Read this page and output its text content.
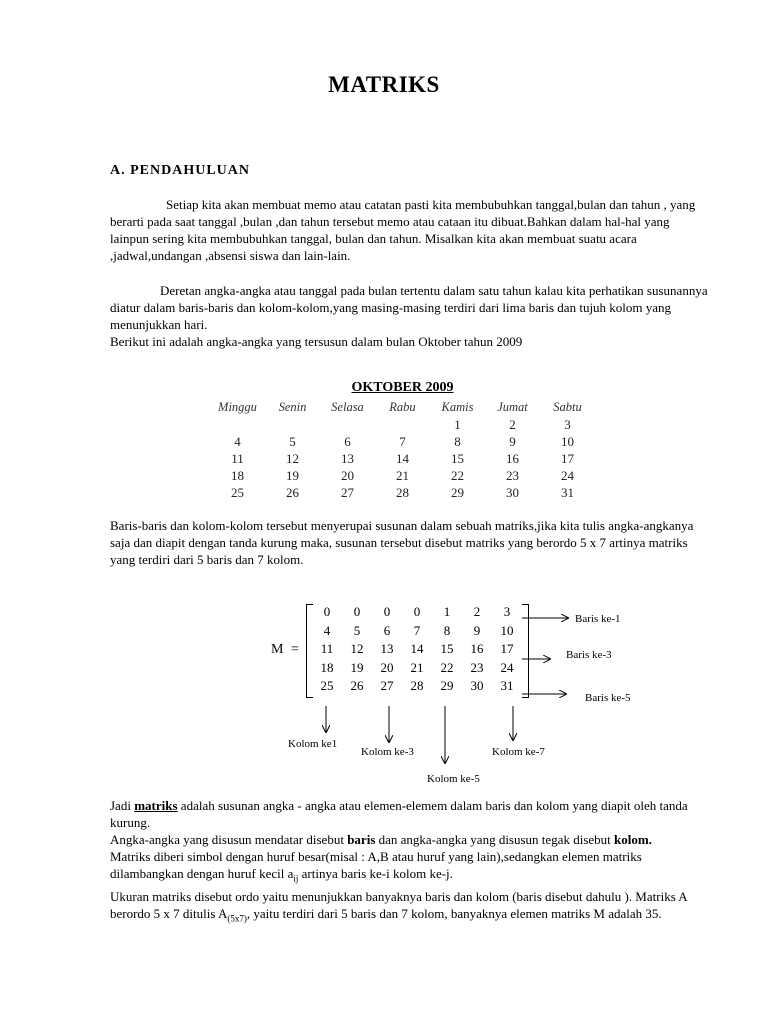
MATRIKS
A. PENDAHULUAN
Setiap kita akan membuat memo atau catatan pasti kita membubuhkan tanggal,bulan dan tahun , yang berarti pada saat tanggal ,bulan ,dan tahun tersebut memo atau cataan itu dibuat.Bahkan dalam hal-hal yang lainpun sering kita membubuhkan tanggal, bulan dan tahun. Misalkan kita akan membuat suatu acara ,jadwal,undangan ,absensi siswa dan lain-lain.
Deretan angka-angka atau tanggal pada bulan tertentu dalam satu tahun kalau kita perhatikan susunannya diatur dalam baris-baris dan kolom-kolom,yang masing-masing terdiri dari lima baris dan tujuh kolom yang menunjukkan hari.
Berikut ini adalah angka-angka yang tersusun dalam bulan Oktober tahun 2009
OKTOBER 2009
Minggu	Senin	Selasa	Rabu	Kamis	Jumat	Sabtu
				1	2	3
4	5	6	7	8	9	10
11	12	13	14	15	16	17
18	19	20	21	22	23	24
25	26	27	28	29	30	31
Baris-baris dan kolom-kolom tersebut menyerupai susunan dalam sebuah matriks,jika kita tulis angka-angkanya saja dan diapit dengan tanda kurung maka, susunan tersebut disebut matriks yang berordo 5 x 7 artinya matriks yang terdiri dari 5 baris dan 7 kolom.
M =
0	0	0	0	1	2	3
4	5	6	7	8	9	10
11	12	13	14	15	16	17
18	19	20	21	22	23	24
25	26	27	28	29	30	31
Baris ke-1
Baris ke-3
Baris ke-5
Kolom ke1
Kolom ke-3
Kolom ke-5
Kolom ke-7
Jadi matriks adalah susunan angka - angka atau elemen-elemem dalam baris dan kolom yang diapit oleh tanda kurung.
Angka-angka yang disusun mendatar disebut baris dan angka-angka yang disusun tegak disebut kolom.
Matriks diberi simbol dengan huruf besar(misal : A,B atau huruf yang lain),sedangkan elemen matriks dilambangkan dengan huruf kecil $a_{ij}$ artinya baris ke-i kolom ke-j.
Ukuran matriks disebut ordo yaitu menunjukkan banyaknya baris dan kolom (baris disebut dahulu ). Matriks A berordo 5 x 7 ditulis $A_{(5x7)}$, yaitu terdiri dari 5 baris dan 7 kolom, banyaknya elemen matriks M adalah 35.
